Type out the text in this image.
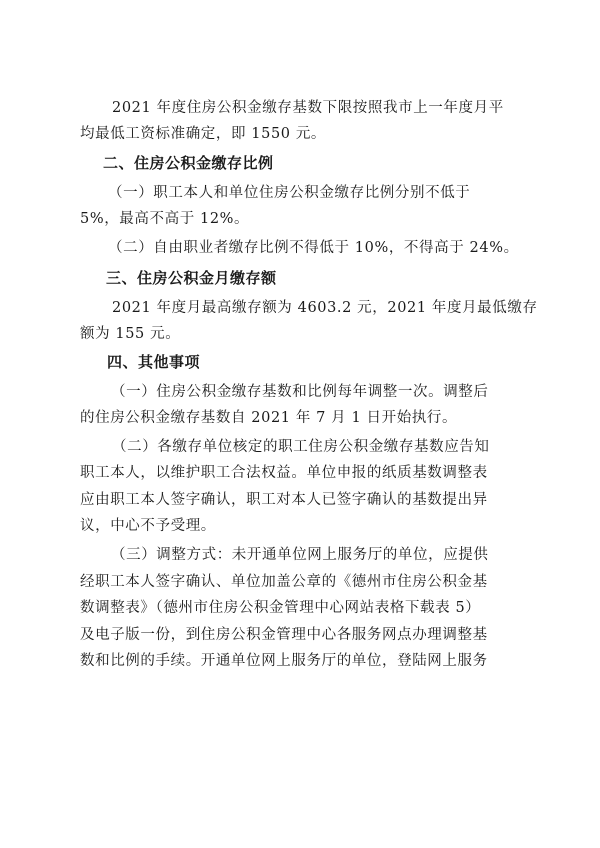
2021 年度住房公积金缴存基数下限按照我市上一年度月平
均最低工资标准确定，即 1550 元。
二、住房公积金缴存比例
（一）职工本人和单位住房公积金缴存比例分别不低于
5%，最高不高于 12%。
（二）自由职业者缴存比例不得低于 10%，不得高于 24%。
三、住房公积金月缴存额
2021 年度月最高缴存额为 4603.2 元，2021 年度月最低缴存
额为 155 元。
四、其他事项
（一）住房公积金缴存基数和比例每年调整一次。调整后
的住房公积金缴存基数自 2021 年 7 月 1 日开始执行。
（二）各缴存单位核定的职工住房公积金缴存基数应告知
职工本人，以维护职工合法权益。单位申报的纸质基数调整表
应由职工本人签字确认，职工对本人已签字确认的基数提出异
议，中心不予受理。
（三）调整方式：未开通单位网上服务厅的单位，应提供
经职工本人签字确认、单位加盖公章的《德州市住房公积金基
数调整表》（德州市住房公积金管理中心网站表格下载表 5）
及电子版一份，到住房公积金管理中心各服务网点办理调整基
数和比例的手续。开通单位网上服务厅的单位，登陆网上服务
